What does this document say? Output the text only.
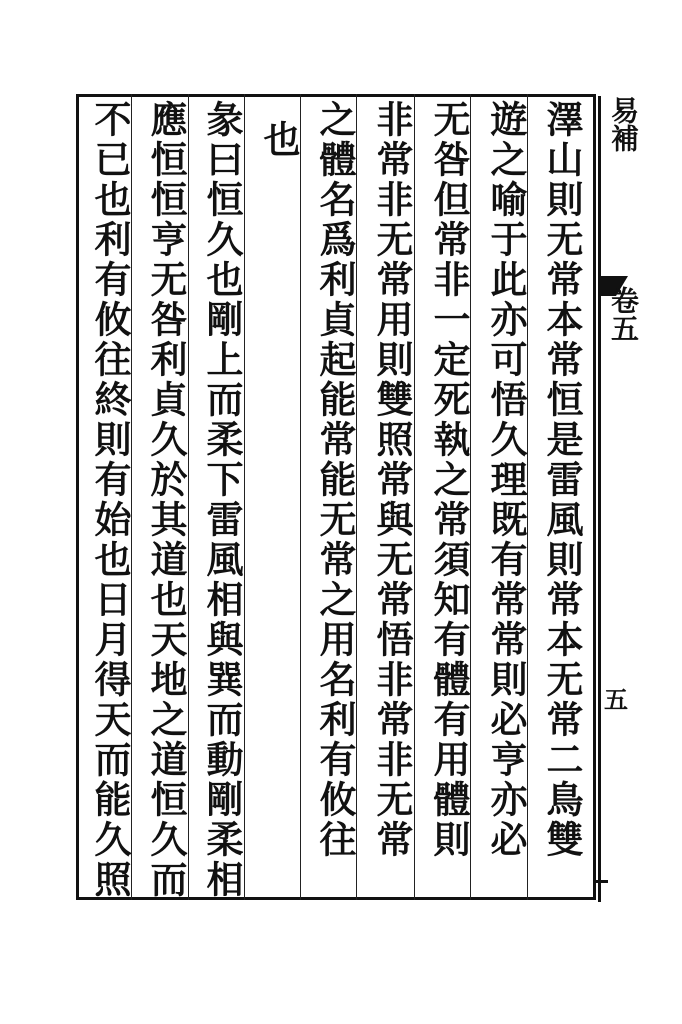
澤山則无常本常恒是雷風則常本无常二鳥雙
遊之喻于此亦可悟久理既有常常則必亨亦必
无咎但常非一定死執之常須知有體有用體則
非常非无常用則雙照常與无常悟非常非无常
之體名爲利貞起能常能无常之用名利有攸往
也
彖曰恒久也剛上而柔下雷風相與巽而動剛柔相
應恒恒亨无咎利貞久於其道也天地之道恒久而
不已也利有攸往終則有始也日月得天而能久照	易補
卷五
五
